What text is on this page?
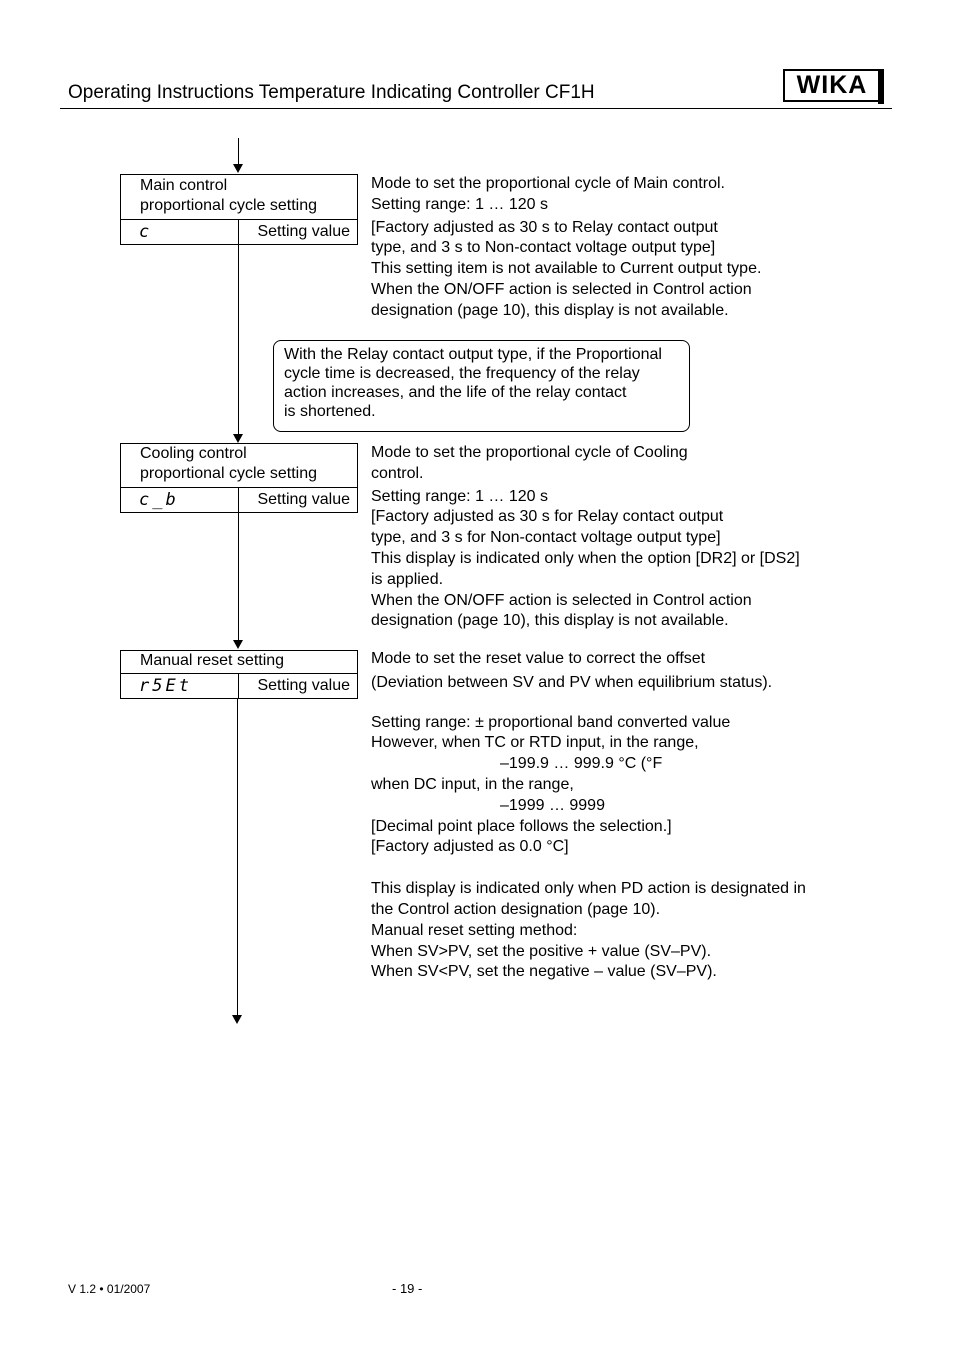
Operating Instructions Temperature Indicating Controller CF1H	WIKA
Main control
proportional cycle setting
c	Setting value

Mode to set the proportional cycle of Main control.

Setting range: 1 … 120 s

[Factory adjusted as 30 s to Relay contact output

type, and 3 s to Non-contact voltage output type]

This setting item is not available to Current output type.

When the ON/OFF action is selected in Control action

designation (page 10), this display is not available.

With the Relay contact output type, if the Proportional
cycle time is decreased, the frequency of the relay
action increases, and the life of the relay contact
is shortened.
Cooling control
proportional cycle setting
c_b	Setting value

Mode to set the proportional cycle of Cooling

control.

Setting range: 1 … 120 s

[Factory adjusted as 30 s for Relay contact output

type, and 3 s for Non-contact voltage output type]

This display is indicated only when the option [DR2] or [DS2]

is applied.

When the ON/OFF action is selected in Control action

designation (page 10), this display is not available.

Manual reset setting
r5Et	Setting value

Mode to set the reset value to correct the offset

(Deviation between SV and PV when equilibrium status).

Setting range: ± proportional band converted value

However, when TC or RTD input, in the range,

–199.9 … 999.9 °C (°F

when DC input, in the range,

–1999 … 9999

[Decimal point place follows the selection.]

[Factory adjusted as 0.0 °C]

This display is indicated only when PD action is designated in

the Control action designation (page 10).

Manual reset setting method:

When SV>PV, set the positive + value (SV–PV).

When SV<PV, set the negative – value (SV–PV).

V 1.2 • 01/2007	- 19 -
